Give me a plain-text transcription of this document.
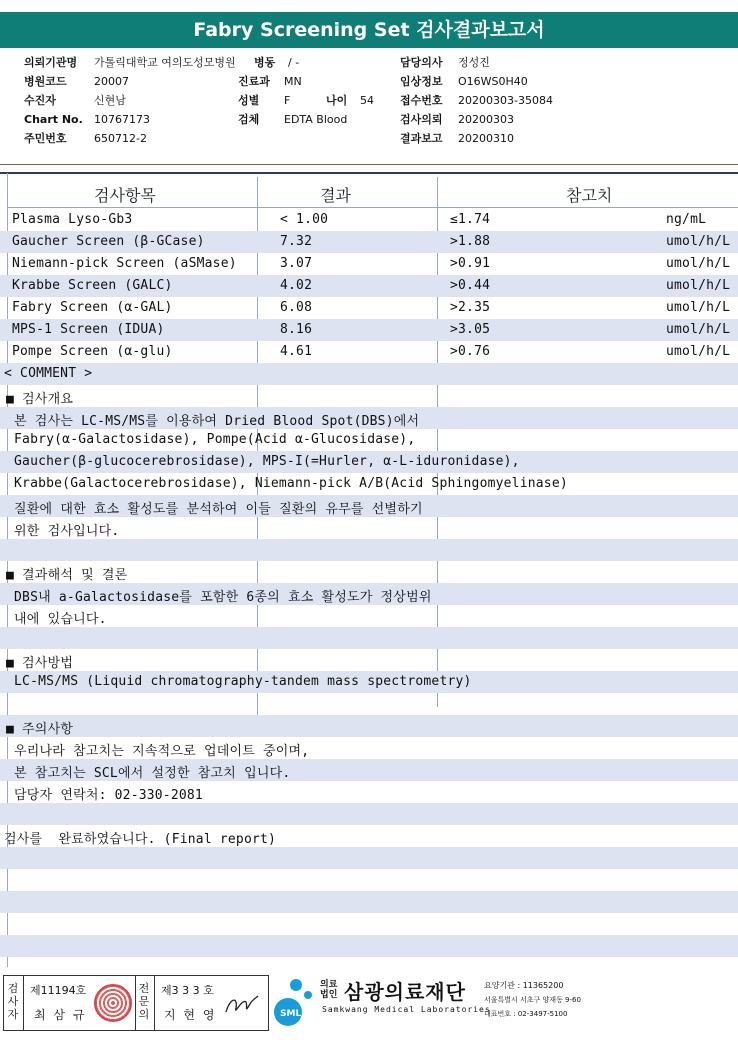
Fabry Screening Set 검사결과보고서
의뢰기관명 가톨릭대학교 여의도성모병원
병원코드 20007
수진자	신현남
Chart No. 10767173
주민번호 650712-2
병동 / -
진료과 MN
성별 F	나이 54
검체 EDTA Blood
담당의사 정성진
임상정보 O16WS0H40
접수번호 20200303-35084
검사의뢰 20200303
결과보고 20200310
검사항목	결과	참고치
Plasma Lyso-Gb3	< 1.00	≤1.74	ng/mL
Gaucher Screen (β-GCase)	7.32	>1.88	umol/h/L
Niemann-pick Screen (aSMase)	3.07	>0.91	umol/h/L
Krabbe Screen (GALC)	4.02	>0.44	umol/h/L
Fabry Screen (α-GAL)	6.08	>2.35	umol/h/L
MPS-1 Screen (IDUA)	8.16	>3.05	umol/h/L
Pompe Screen (α-glu)	4.61	>0.76	umol/h/L
< COMMENT >
■ 검사개요
본 검사는 LC-MS/MS를 이용하여 Dried Blood Spot(DBS)에서
Fabry(α-Galactosidase), Pompe(Acid α-Glucosidase),
Gaucher(β-glucocerebrosidase), MPS-I(=Hurler, α-L-iduronidase),
Krabbe(Galactocerebrosidase), Niemann-pick A/B(Acid Sphingomyelinase)
질환에 대한 효소 활성도를 분석하여 이들 질환의 유무를 선별하기
위한 검사입니다.
■ 결과해석 및 결론
DBS내 a-Galactosidase를 포함한 6종의 효소 활성도가 정상범위
내에 있습니다.
■ 검사방법
LC-MS/MS (Liquid chromatography-tandem mass spectrometry)
■ 주의사항
우리나라 참고치는 지속적으로 업데이트 중이며,
본 참고치는 SCL에서 설정한 참고치 입니다.
담당자 연락처: 02-330-2081
검사를  완료하였습니다. (Final report)
검사자
제11194호
최 삼 규
전문의
제3 3 3 호
지 현 영	SML
의료법인 삼광의료재단
Samkwang Medical Laboratories
요양기관 : 11365200
서울특별시 서초구 양재동 9-60
대표번호 : 02-3497-5100
